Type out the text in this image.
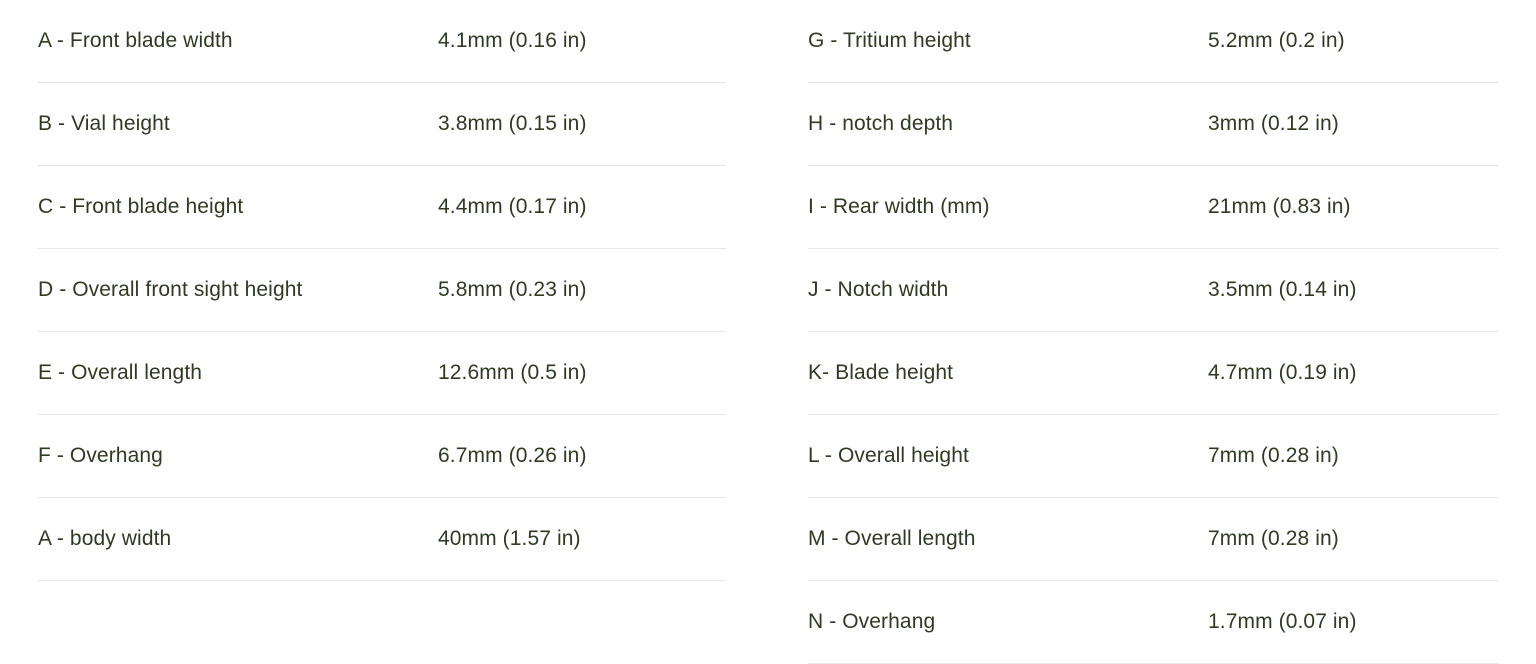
A - Front blade width	4.1mm (0.16 in)
B - Vial height	3.8mm (0.15 in)
C - Front blade height	4.4mm (0.17 in)
D - Overall front sight height	5.8mm (0.23 in)
E - Overall length	12.6mm (0.5 in)
F - Overhang	6.7mm (0.26 in)
A - body width	40mm (1.57 in)
G - Tritium height	5.2mm (0.2 in)
H - notch depth	3mm (0.12 in)
I - Rear width (mm)	21mm (0.83 in)
J - Notch width	3.5mm (0.14 in)
K- Blade height	4.7mm (0.19 in)
L - Overall height	7mm (0.28 in)
M - Overall length	7mm (0.28 in)
N - Overhang	1.7mm (0.07 in)
